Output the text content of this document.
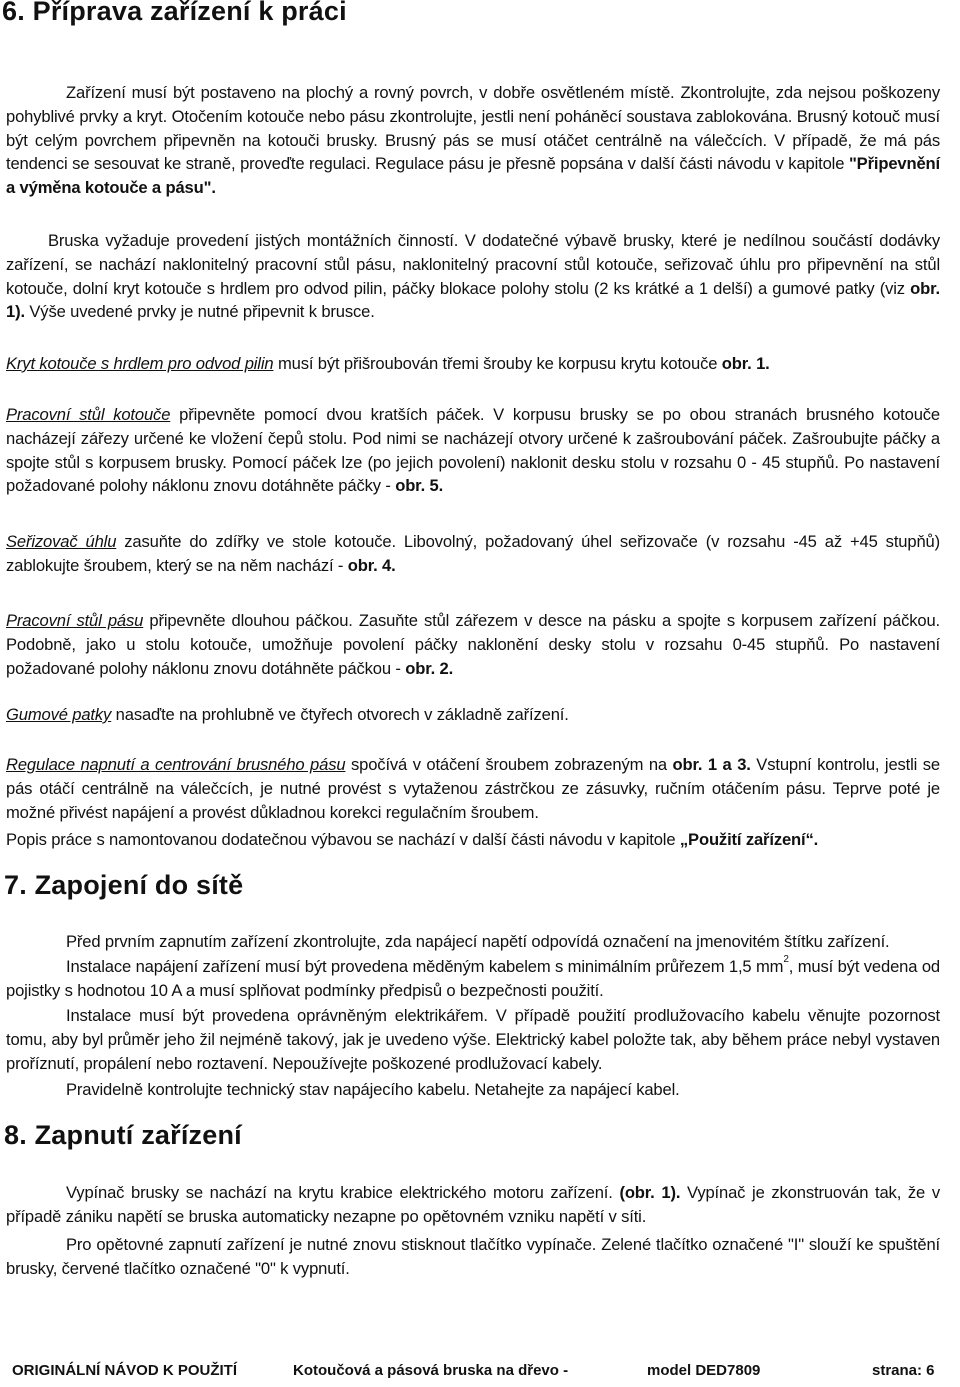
6. Příprava zařízení k práci

Zařízení musí být postaveno na plochý a rovný povrch, v dobře osvětleném místě. Zkontrolujte, zda nejsou poškozeny pohyblivé prvky a kryt. Otočením kotouče nebo pásu zkontrolujte, jestli není poháněcí soustava zablokována. Brusný kotouč musí být celým povrchem připevněn na kotouči brusky. Brusný pás se musí otáčet centrálně na válečcích. V případě, že má pás tendenci se sesouvat ke straně, proveďte regulaci. Regulace pásu je přesně popsána v další části návodu v kapitole "Připevnění a výměna kotouče a pásu".

Bruska vyžaduje provedení jistých montážních činností. V dodatečné výbavě brusky, které je nedílnou součástí dodávky zařízení, se nachází naklonitelný pracovní stůl pásu, naklonitelný pracovní stůl kotouče, seřizovač úhlu pro připevnění na stůl kotouče, dolní kryt kotouče s hrdlem pro odvod pilin, páčky blokace polohy stolu (2 ks krátké a 1 delší) a gumové patky (viz obr. 1). Výše uvedené prvky je nutné připevnit k brusce.

Kryt kotouče s hrdlem pro odvod pilin musí být přišroubován třemi šrouby ke korpusu krytu kotouče obr. 1.

Pracovní stůl kotouče připevněte pomocí dvou kratších páček. V korpusu brusky se po obou stranách brusného kotouče nacházejí zářezy určené ke vložení čepů stolu. Pod nimi se nacházejí otvory určené k zašroubování páček. Zašroubujte páčky a spojte stůl s korpusem brusky. Pomocí páček lze (po jejich povolení) naklonit desku stolu v rozsahu 0 - 45 stupňů. Po nastavení požadované polohy náklonu znovu dotáhněte páčky - obr. 5.

Seřizovač úhlu zasuňte do zdířky ve stole kotouče. Libovolný, požadovaný úhel seřizovače (v rozsahu -45 až +45 stupňů) zablokujte šroubem, který se na něm nachází - obr. 4.

Pracovní stůl pásu připevněte dlouhou páčkou. Zasuňte stůl zářezem v desce na pásku a spojte s korpusem zařízení páčkou. Podobně, jako u stolu kotouče, umožňuje povolení páčky naklonění desky stolu v rozsahu 0-45 stupňů. Po nastavení požadované polohy náklonu znovu dotáhněte páčkou - obr. 2.

Gumové patky nasaďte na prohlubně ve čtyřech otvorech v základně zařízení.

Regulace napnutí a centrování brusného pásu spočívá v otáčení šroubem zobrazeným na obr. 1 a 3. Vstupní kontrolu, jestli se pás otáčí centrálně na válečcích, je nutné provést s vytaženou zástrčkou ze zásuvky, ručním otáčením pásu. Teprve poté je možné přivést napájení a provést důkladnou korekci regulačním šroubem.

Popis práce s namontovanou dodatečnou výbavou se nachází v další části návodu v kapitole „Použití zařízení“.

7. Zapojení do sítě

Před prvním zapnutím zařízení zkontrolujte, zda napájecí napětí odpovídá označení na jmenovitém štítku zařízení.

Instalace napájení zařízení musí být provedena měděným kabelem s minimálním průřezem 1,5 $mm^2$, musí být vedena od pojistky s hodnotou 10 A a musí splňovat podmínky předpisů o bezpečnosti použití.

Instalace musí být provedena oprávněným elektrikářem. V případě použití prodlužovacího kabelu věnujte pozornost tomu, aby byl průměr jeho žil nejméně takový, jak je uvedeno výše. Elektrický kabel položte tak, aby během práce nebyl vystaven proříznutí, propálení nebo roztavení. Nepoužívejte poškozené prodlužovací kabely.

Pravidelně kontrolujte technický stav napájecího kabelu. Netahejte za napájecí kabel.

8. Zapnutí zařízení

Vypínač brusky se nachází na krytu krabice elektrického motoru zařízení. (obr. 1). Vypínač je zkonstruován tak, že v případě zániku napětí se bruska automaticky nezapne po opětovném vzniku napětí v síti.

Pro opětovné zapnutí zařízení je nutné znovu stisknout tlačítko vypínače. Zelené tlačítko označené "I" slouží ke spuštění brusky, červené tlačítko označené "0" k vypnutí.

ORIGINÁLNÍ NÁVOD K POUŽITÍ	Kotoučová a pásová bruska na dřevo -	model DED7809	strana: 6
